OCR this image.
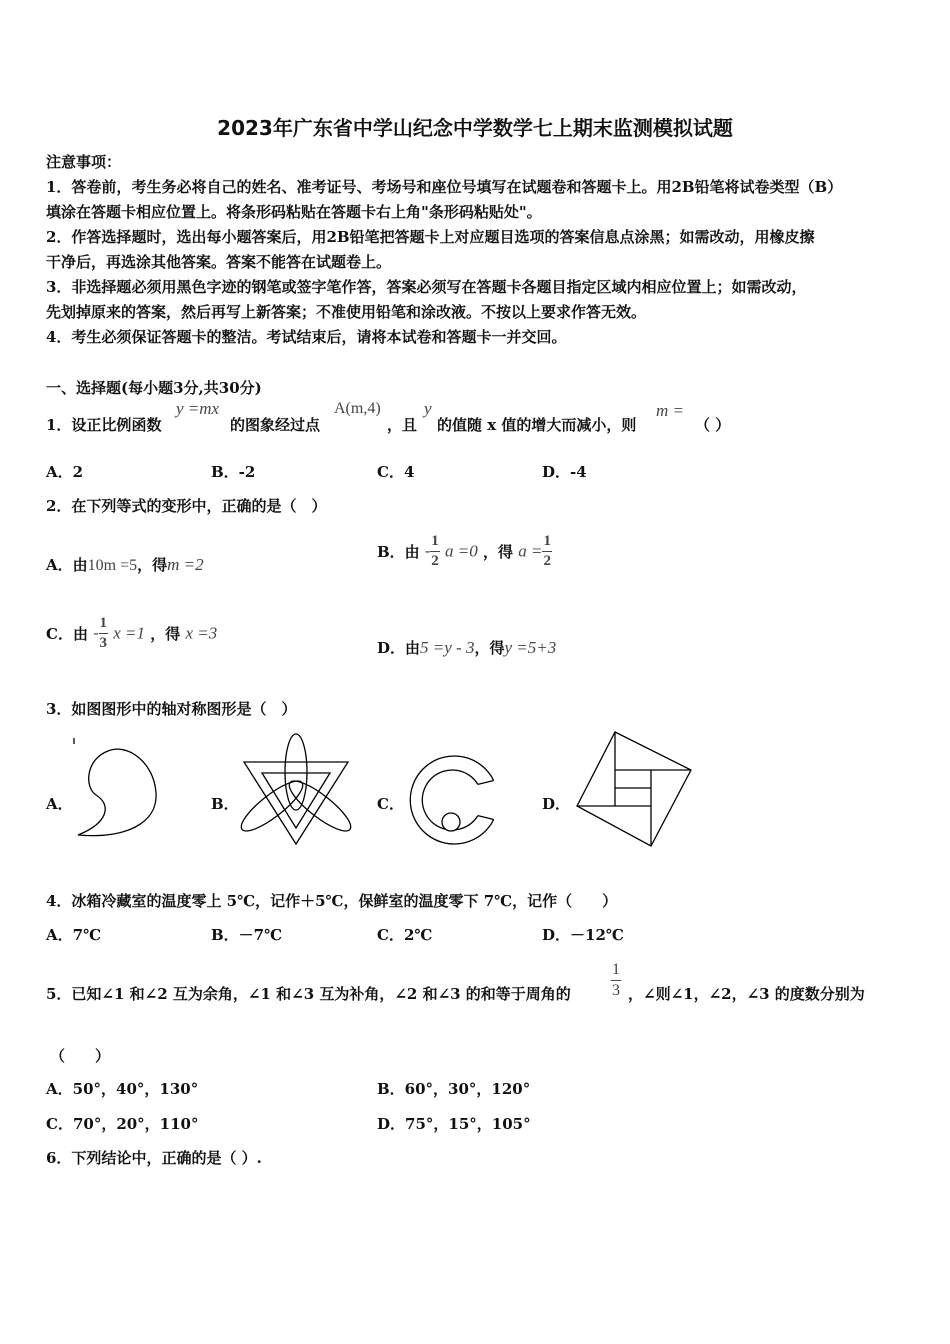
2023年广东省中学山纪念中学数学七上期末监测模拟试题
注意事项：
1．答卷前，考生务必将自己的姓名、准考证号、考场号和座位号填写在试题卷和答题卡上。用2B铅笔将试卷类型（B）
填涂在答题卡相应位置上。将条形码粘贴在答题卡右上角"条形码粘贴处"。
2．作答选择题时，选出每小题答案后，用2B铅笔把答题卡上对应题目选项的答案信息点涂黑；如需改动，用橡皮擦
干净后，再选涂其他答案。答案不能答在试题卷上。
3．非选择题必须用黑色字迹的钢笔或签字笔作答，答案必须写在答题卡各题目指定区域内相应位置上；如需改动，
先划掉原来的答案，然后再写上新答案；不准使用铅笔和涂改液。不按以上要求作答无效。
4．考生必须保证答题卡的整洁。考试结束后，请将本试卷和答题卡一并交回。
一、选择题(每小题3分,共30分)
1．设正比例函数
y =mx
的图象经过点
A(m,4)
，且
y
的值随 x 值的增大而减小，则
m =
（ ）
A．2	B．-2	C．4	D．-4
2．在下列等式的变形中，正确的是（　）
A．由10m =5，得m =2
B．由 - $\frac{1}{2}$ a =0 ，得 $a = \frac{1}{2}$
C．由 - $\frac{1}{3}$ x =1 ，得 x =3
D．由5 =y - 3，得y =5+3
3．如图图形中的轴对称图形是（　）
A．	B．	C．	D．
4．冰箱冷藏室的温度零上 5℃，记作＋5℃，保鲜室的温度零下 7℃，记作（　　）
A．7℃	B．－7℃	C．2℃	D．－12℃
5．已知∠1 和∠2 互为余角，∠1 和∠3 互为补角，∠2 和∠3 的和等于周角的	$\frac{1}{3}$ ，∠则∠1，∠2，∠3 的度数分别为
（　　）
A．50°，40°，130°	B．60°，30°，120°
C．70°，20°，110°	D．75°，15°，105°
6．下列结论中，正确的是（ ）.
